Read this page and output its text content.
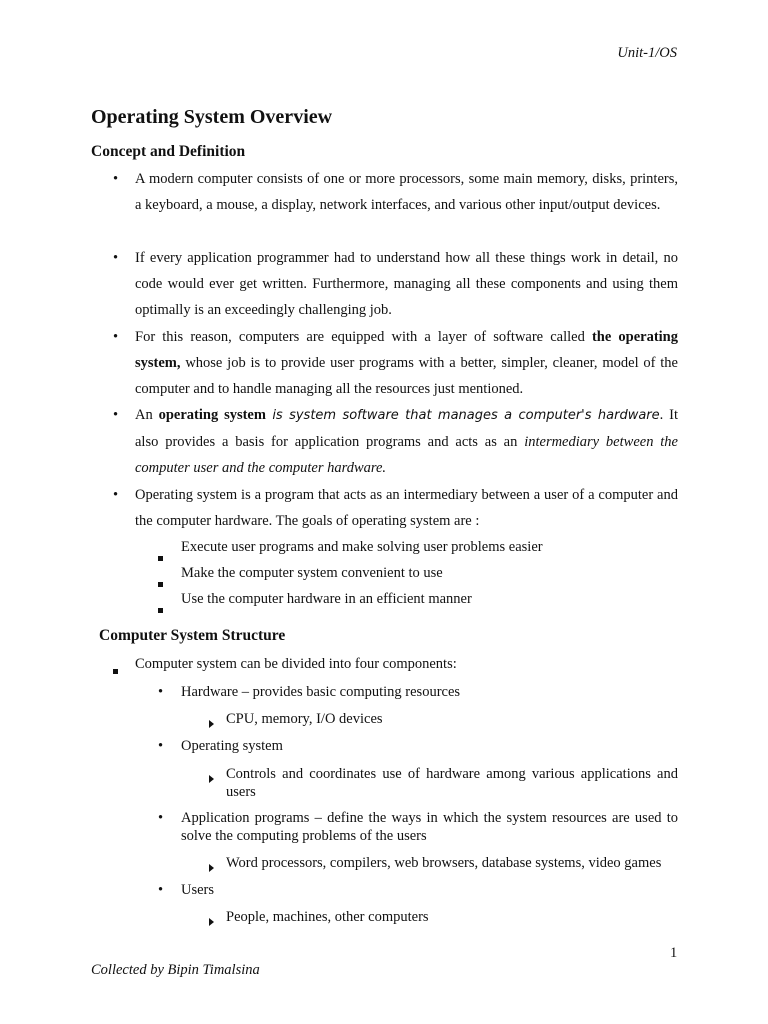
Unit-1/OS
Operating System Overview
Concept and Definition
•	A modern computer consists of one or more processors, some main memory, disks, printers, a keyboard, a mouse, a display, network interfaces, and various other input/output devices.
•	If every application programmer had to understand how all these things work in detail, no code would ever get written. Furthermore, managing all these components and using them optimally is an exceedingly challenging job.
•	For this reason, computers are equipped with a layer of software called the operating system, whose job is to provide user programs with a better, simpler, cleaner, model of the computer and to handle managing all the resources just mentioned.
•	An operating system is system software that manages a computer's hardware. It also provides a basis for application programs and acts as an intermediary between the computer user and the computer hardware.
•	Operating system is a program that acts as an intermediary between a user of a computer and the computer hardware. The goals of operating system are :
Execute user programs and make solving user problems easier
Make the computer system convenient to use
Use the computer hardware in an efficient manner
Computer System Structure
Computer system can be divided into four components:
• Hardware – provides basic computing resources
CPU, memory, I/O devices
• Operating system
Controls and coordinates use of hardware among various applications and users
• Application programs – define the ways in which the system resources are used to solve the computing problems of the users
Word processors, compilers, web browsers, database systems, video games
• Users
People, machines, other computers
1
Collected by Bipin Timalsina
